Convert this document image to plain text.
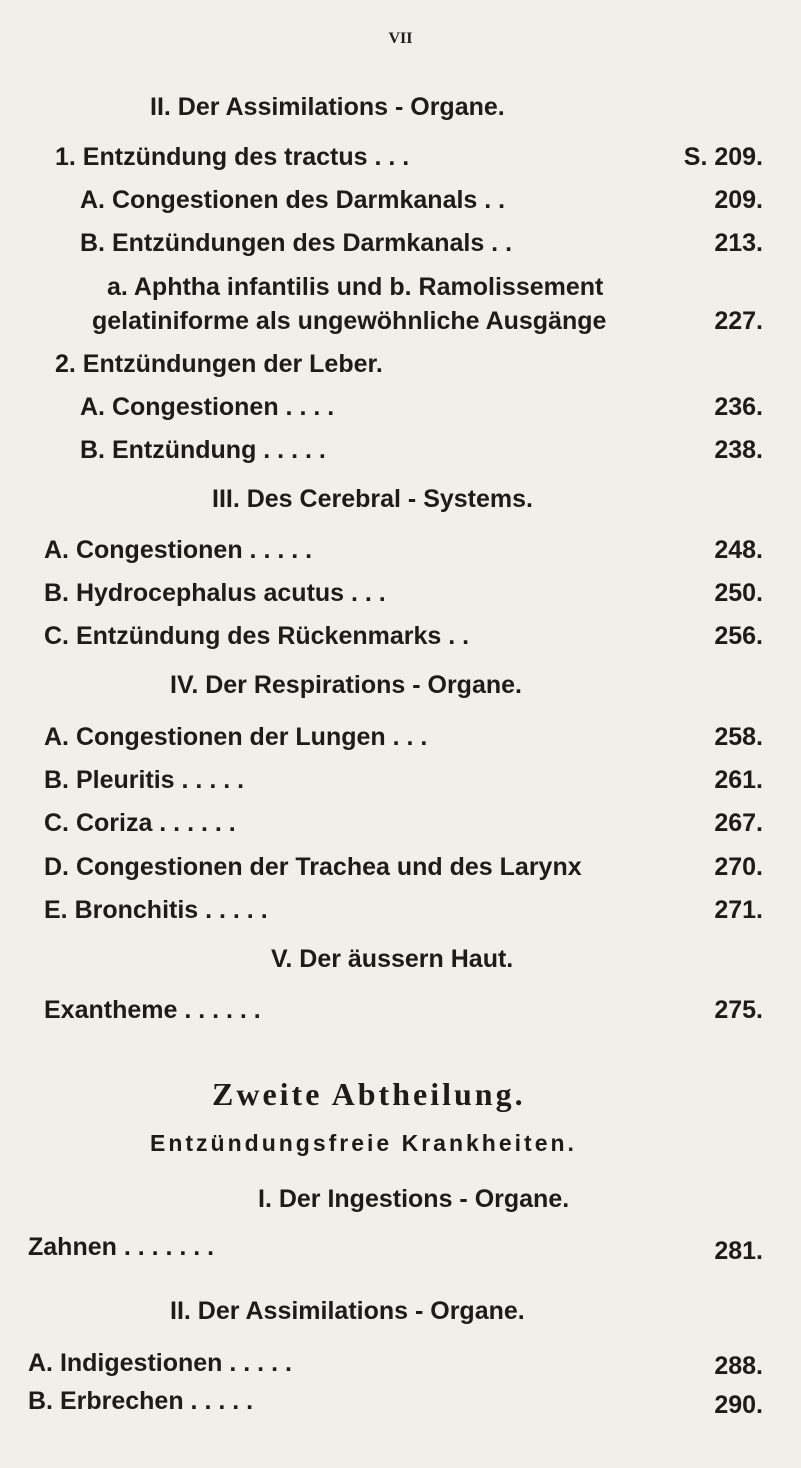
VII
II. Der Assimilations - Organe.
1. Entzündung des tractus . . .	S. 209.
A. Congestionen des Darmkanals . .	209.
B. Entzündungen des Darmkanals . .	213.
a. Aphtha infantilis und b. Ramolissement
gelatiniforme als ungewöhnliche Ausgänge	227.
2. Entzündungen der Leber.
A. Congestionen . . . .	236.
B. Entzündung . . . . .	238.
III. Des Cerebral - Systems.
A. Congestionen . . . . .	248.
B. Hydrocephalus acutus . . .	250.
C. Entzündung des Rückenmarks . .	256.
IV. Der Respirations - Organe.
A. Congestionen der Lungen . . .	258.
B. Pleuritis . . . . .	261.
C. Coriza . . . . . .	267.
D. Congestionen der Trachea und des Larynx	270.
E. Bronchitis . . . . .	271.
V. Der äussern Haut.
Exantheme . . . . . .	275.
Zweite Abtheilung.
Entzündungsfreie Krankheiten.
I. Der Ingestions - Organe.
Zahnen . . . . . . .	281.
II. Der Assimilations - Organe.
A. Indigestionen . . . . .	288.
B. Erbrechen . . . . .	290.
